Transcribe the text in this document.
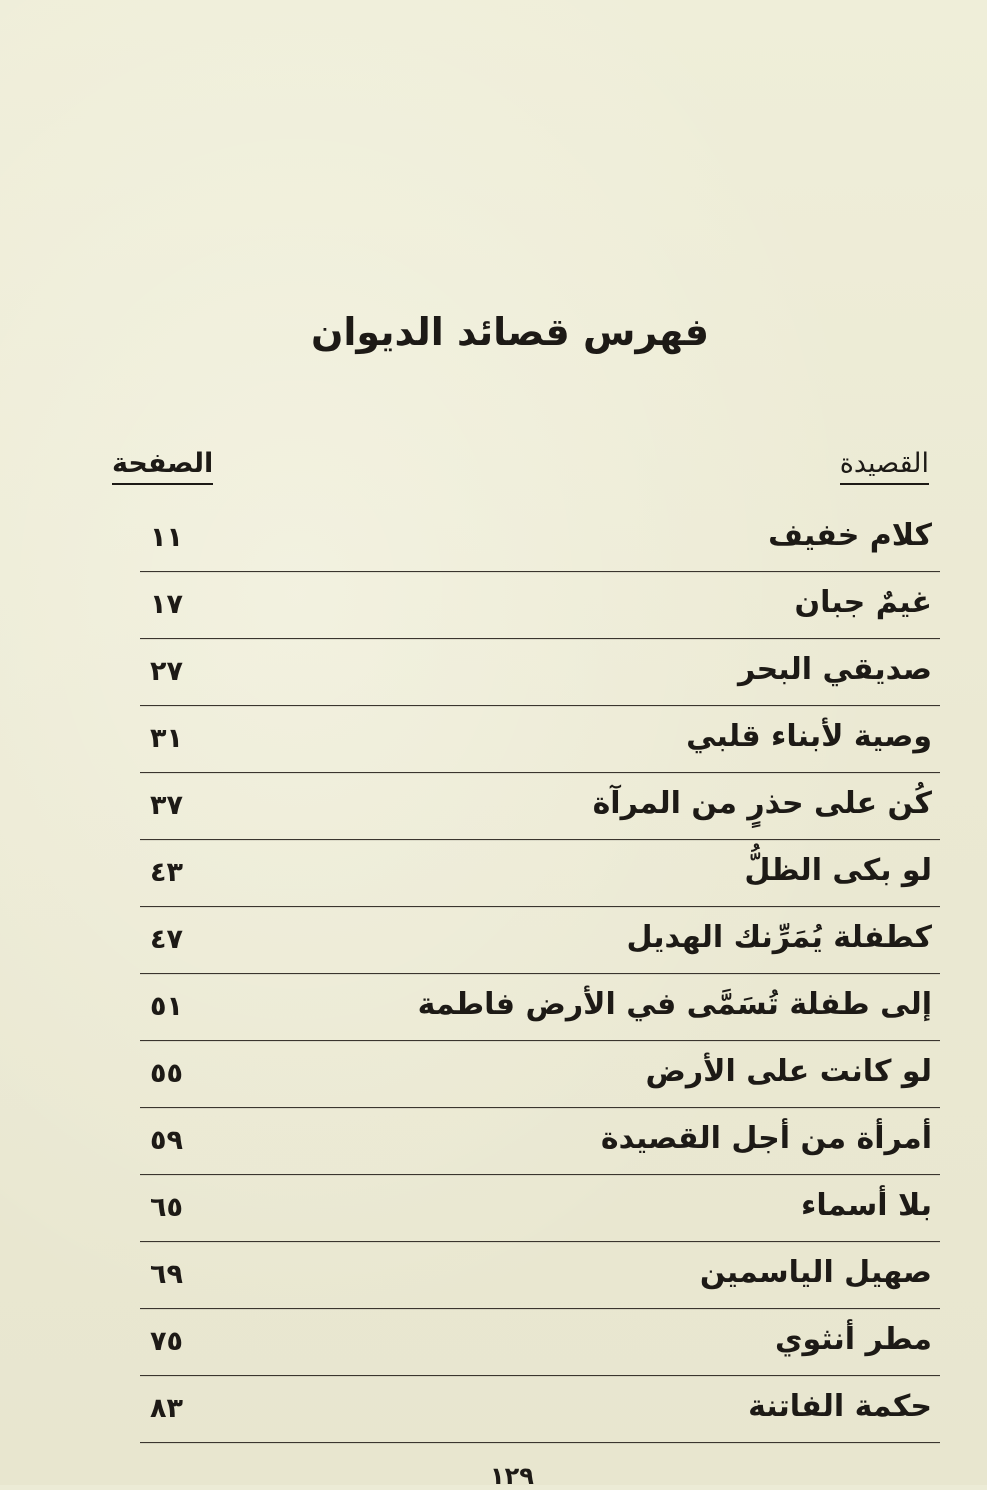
فهرس قصائد الديوان
القصيدة
الصفحة
كلام خفيف
١١
غيمٌ جبان
١٧
صديقي البحر
٢٧
وصية لأبناء قلبي
٣١
كُن على حذرٍ من المرآة
٣٧
لو بكى الظلُّ
٤٣
كطفلة يُمَرِّنك الهديل
٤٧
إلى طفلة تُسَمَّى في الأرض فاطمة
٥١
لو كانت على الأرض
٥٥
أمرأة من أجل القصيدة
٥٩
بلا أسماء
٦٥
صهيل الياسمين
٦٩
مطر أنثوي
٧٥
حكمة الفاتنة
٨٣
١٢٩
